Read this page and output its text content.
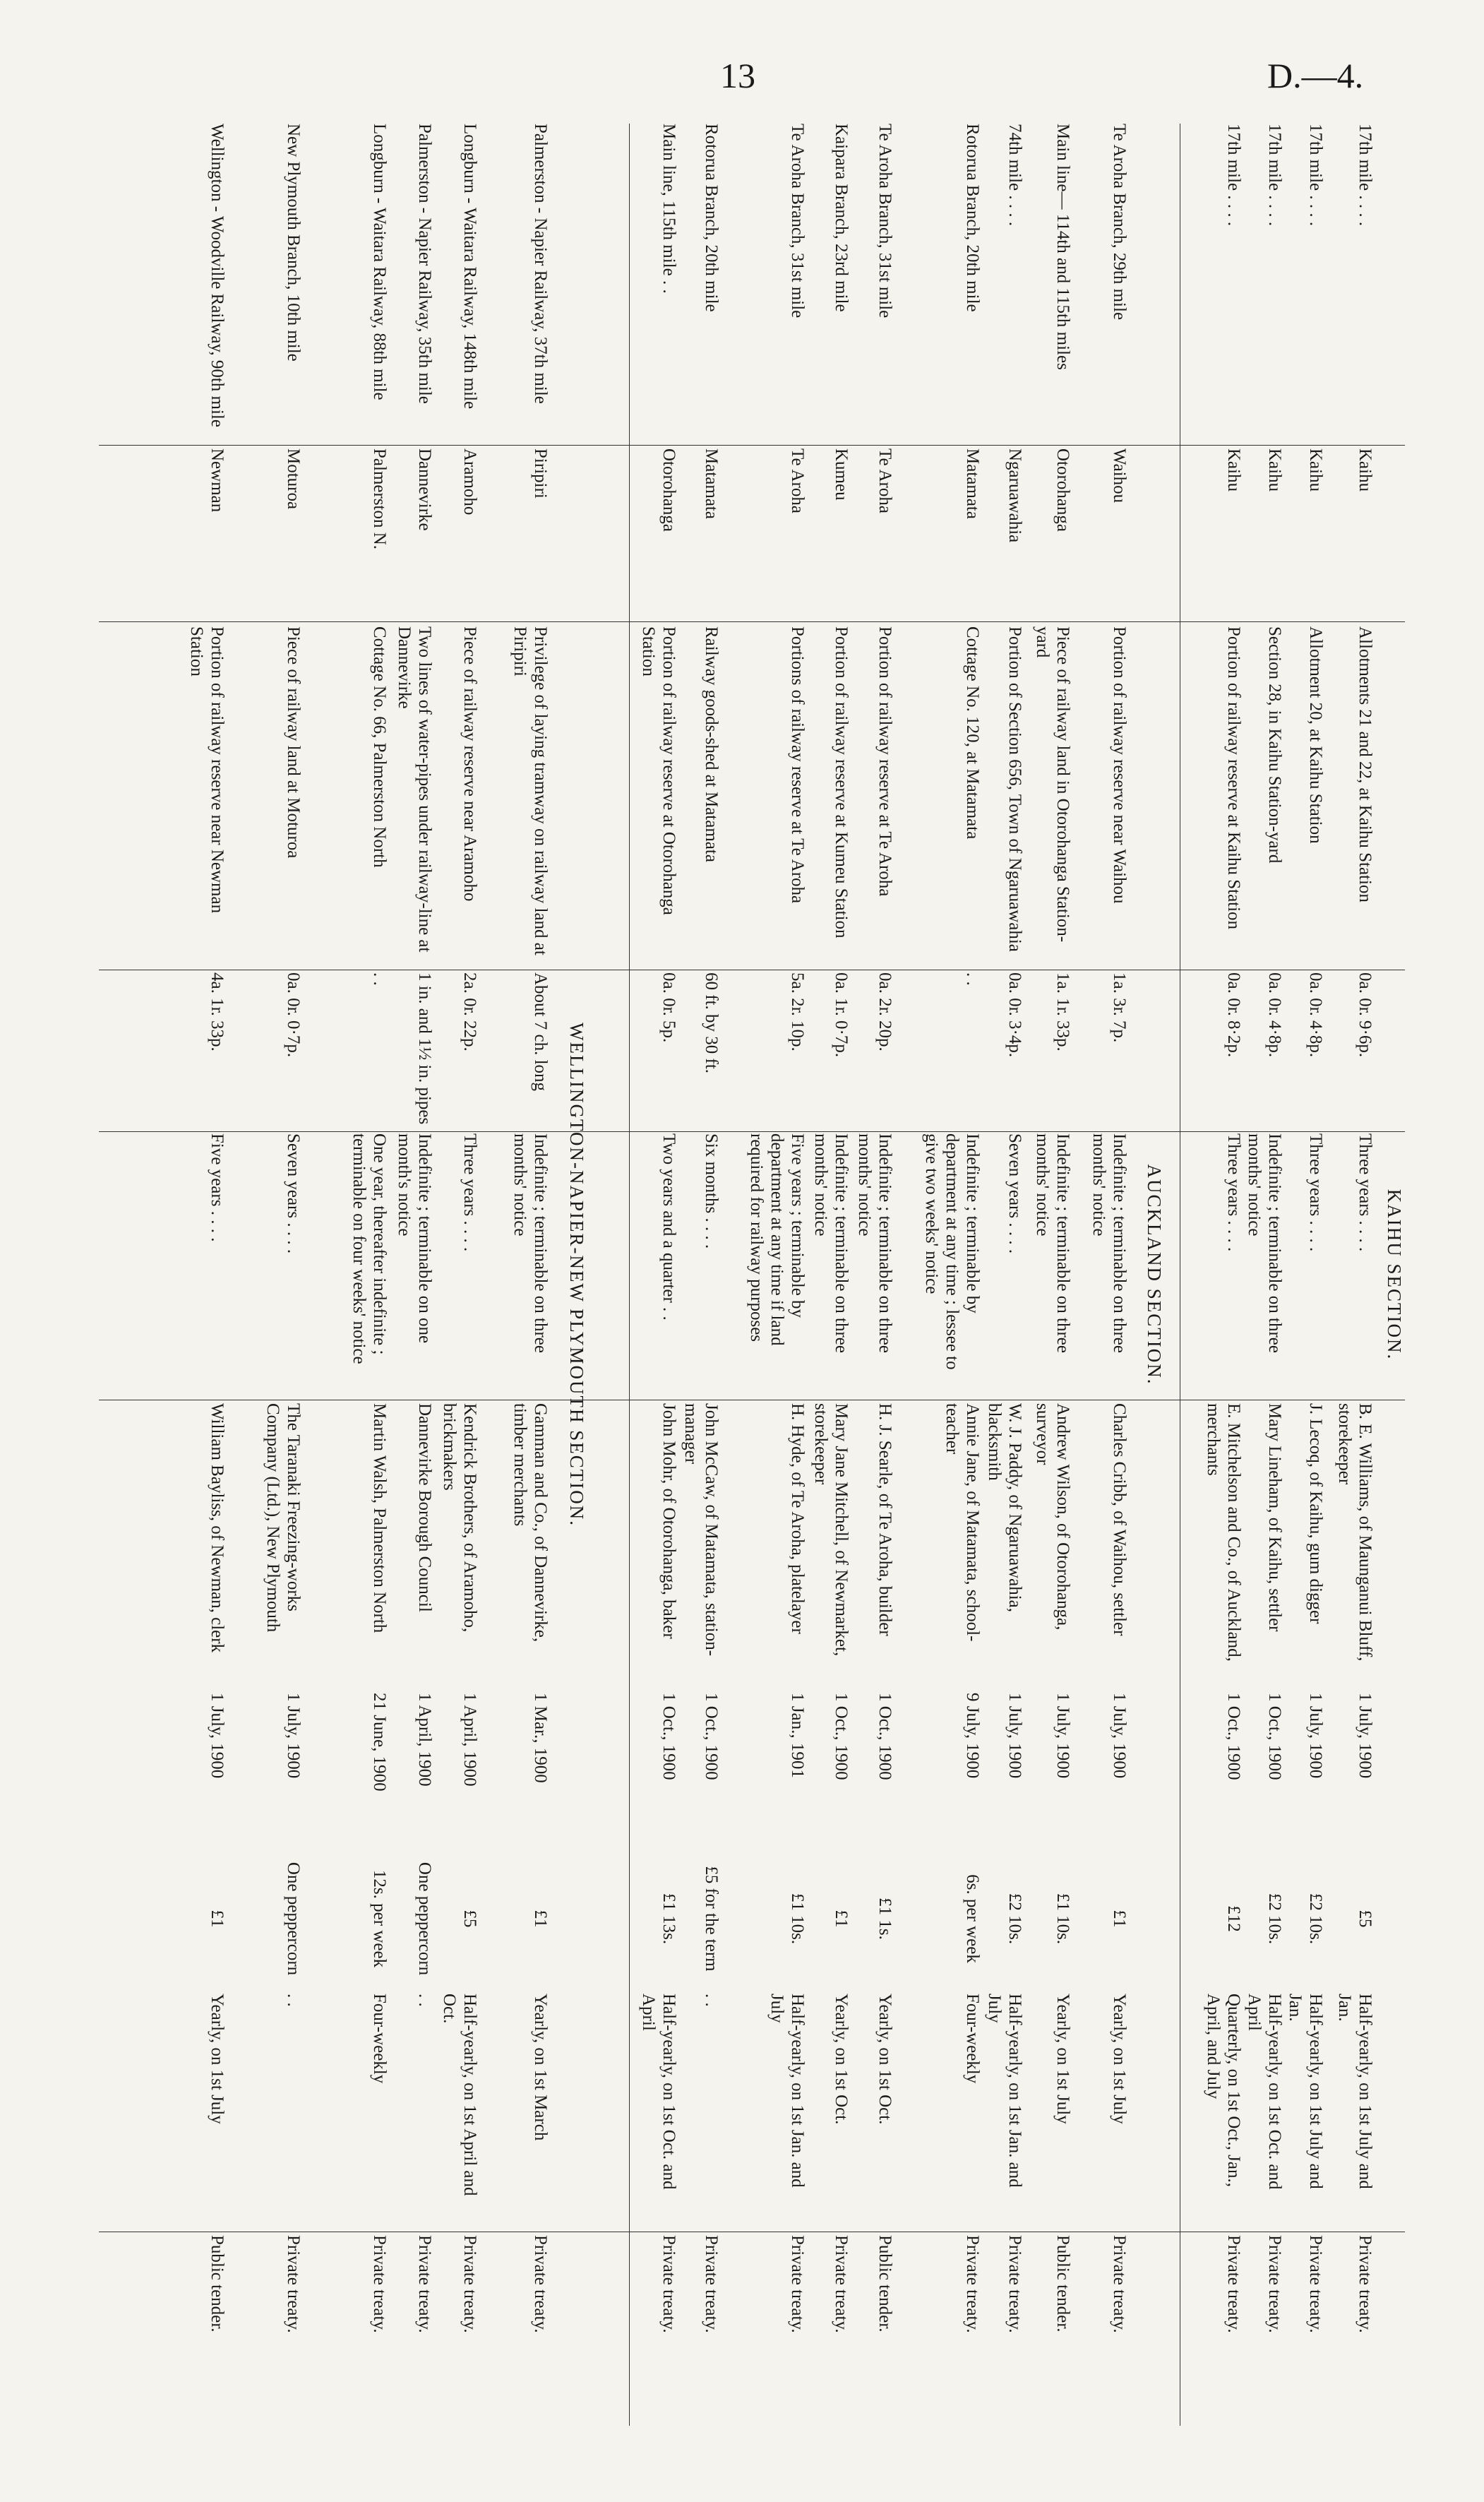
13	D.—4.
KAIHU SECTION.
17th mile . . . .
Kaihu
Allotments 21 and 22, at Kaihu Station
0a. 0r. 9·6p.
Three years . . . .
B. E. Williams, of Maunganui Bluff, storekeeper
1 July, 1900
£5
Half-yearly, on 1st July and Jan.
Private treaty.
17th mile . . . .
Kaihu
Allotment 20, at Kaihu Station
0a. 0r. 4·8p.
Three years . . . .
J. Lecoq, of Kaihu, gum digger
1 July, 1900
£2 10s.
Half-yearly, on 1st July and Jan.
Private treaty.
17th mile . . . .
Kaihu
Section 28, in Kaihu Station-yard
0a. 0r. 4·8p.
Indefinite ; terminable on three months' notice
Mary Lineham, of Kaihu, settler
1 Oct., 1900
£2 10s.
Half-yearly, on 1st Oct. and April
Private treaty.
17th mile . . . .
Kaihu
Portion of railway reserve at Kaihu Station
0a. 0r. 8·2p.
Three years . . . .
E. Mitchelson and Co., of Auckland, merchants
1 Oct., 1900
£12
Quarterly, on 1st Oct., Jan., April, and July
Private treaty.
AUCKLAND SECTION.
Te Aroha Branch, 29th mile
Waihou
Portion of railway reserve near Waihou
1a. 3r. 7p.
Indefinite ; terminable on three months' notice
Charles Cribb, of Waihou, settler
1 July, 1900
£1
Yearly, on 1st July
Private treaty.
Main line— 114th and 115th miles
Otorohanga
Piece of railway land in Otorohanga Station-yard
1a. 1r. 33p.
Indefinite ; terminable on three months' notice
Andrew Wilson, of Otorohanga, surveyor
1 July, 1900
£1 10s.
Yearly, on 1st July
Public tender.
74th mile . . . .
Ngaruawahia
Portion of Section 656, Town of Ngaruawahia
0a. 0r. 3·4p.
Seven years . . . .
W. J. Paddy, of Ngaruawahia, blacksmith
1 July, 1900
£2 10s.
Half-yearly, on 1st Jan. and July
Private treaty.
Rotorua Branch, 20th mile
Matamata
Cottage No. 120, at Matamata
. .
Indefinite ; terminable by department at any time ; lessee to give two weeks' notice
Annie Jane, of Matamata, school-teacher
9 July, 1900
6s. per week
Four-weekly
Private treaty.
Te Aroha Branch, 31st mile
Te Aroha
Portion of railway reserve at Te Aroha
0a. 2r. 20p.
Indefinite ; terminable on three months' notice
H. J. Searle, of Te Aroha, builder
1 Oct., 1900
£1 1s.
Yearly, on 1st Oct.
Public tender.
Kaipara Branch, 23rd mile
Kumeu
Portion of railway reserve at Kumeu Station
0a. 1r. 0·7p.
Indefinite ; terminable on three months' notice
Mary Jane Mitchell, of Newmarket, storekeeper
1 Oct., 1900
£1
Yearly, on 1st Oct.
Private treaty.
Te Aroha Branch, 31st mile
Te Aroha
Portions of railway reserve at Te Aroha
5a. 2r. 10p.
Five years ; terminable by department at any time if land required for railway purposes
H. Hyde, of Te Aroha, platelayer
1 Jan., 1901
£1 10s.
Half-yearly, on 1st Jan. and July
Private treaty.
Rotorua Branch, 20th mile
Matamata
Railway goods-shed at Matamata
60 ft. by 30 ft.
Six months . . . .
John McCaw, of Matamata, station-manager
1 Oct., 1900
£5 for the term
. .
Private treaty.
Main line, 115th mile . .
Otorohanga
Portion of railway reserve at Otorohanga Station
0a. 0r. 5p.
Two years and a quarter . .
John Mohr, of Otorohanga, baker
1 Oct., 1900
£1 13s.
Half-yearly, on 1st Oct. and April
Private treaty.
WELLINGTON-NAPIER-NEW PLYMOUTH SECTION.
Palmerston - Napier Railway, 37th mile
Piripiri
Privilege of laying tramway on railway land at Piripiri
About 7 ch. long
Indefinite ; terminable on three months' notice
Gamman and Co., of Dannevirke, timber merchants
1 Mar., 1900
£1
Yearly, on 1st March
Private treaty.
Longburn - Waitara Railway, 148th mile
Aramoho
Piece of railway reserve near Aramoho
2a. 0r. 22p.
Three years . . . .
Kendrick Brothers, of Aramoho, brickmakers
1 April, 1900
£5
Half-yearly, on 1st April and Oct.
Private treaty.
Palmerston - Napier Railway, 35th mile
Dannevirke
Two lines of water-pipes under railway-line at Dannevirke
1 in. and 1½ in. pipes
Indefinite ; terminable on one month's notice
Dannevirke Borough Council
1 April, 1900
One peppercorn
. .
Private treaty.
Longburn - Waitara Railway, 88th mile
Palmerston N.
Cottage No. 66, Palmerston North
. .
One year, thereafter indefinite ; terminable on four weeks' notice
Martin Walsh, Palmerston North
21 June, 1900
12s. per week
Four-weekly
Private treaty.
New Plymouth Branch, 10th mile
Moturoa
Piece of railway land at Moturoa
0a. 0r. 0·7p.
Seven years . . . .
The Taranaki Freezing-works Company (Ltd.), New Plymouth
1 July, 1900
One peppercorn
. .
Private treaty.
Wellington - Woodville Railway, 90th mile
Newman
Portion of railway reserve near Newman Station
4a. 1r. 33p.
Five years . . . .
William Bayliss, of Newman, clerk
1 July, 1900
£1
Yearly, on 1st July
Public tender.
